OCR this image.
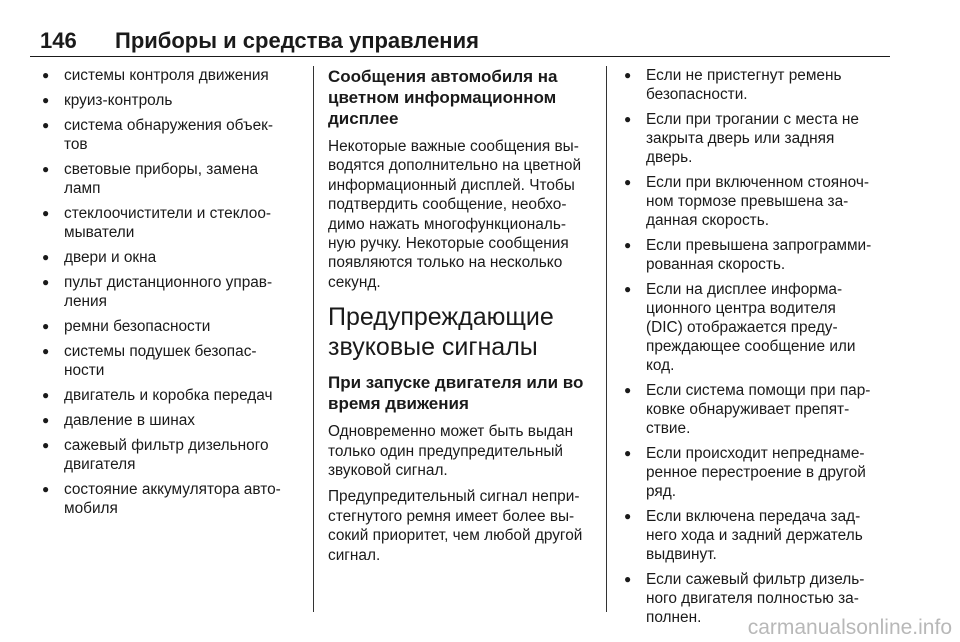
146 Приборы и средства управления
● системы контроля движения
● круиз-контроль
● система обнаружения объек-
тов
● световые приборы, замена
ламп
● стеклоочистители и стеклоо-
мыватели
● двери и окна
● пульт дистанционного управ-
ления
● ремни безопасности
● системы подушек безопас-
ности
● двигатель и коробка передач
● давление в шинах
● сажевый фильтр дизельного
двигателя
● состояние аккумулятора авто-
мобиля
Сообщения автомобиля на
цветном информационном
дисплее

Некоторые важные сообщения вы-
водятся дополнительно на цветной
информационный дисплей. Чтобы
подтвердить сообщение, необхо-
димо нажать многофункциональ-
ную ручку. Некоторые сообщения
появляются только на несколько
секунд.

Предупреждающие
звуковые сигналы
При запуске двигателя или во
время движения

Одновременно может быть выдан
только один предупредительный
звуковой сигнал.

Предупредительный сигнал непри-
стегнутого ремня имеет более вы-
сокий приоритет, чем любой другой
сигнал.

● Если не пристегнут ремень
безопасности.
● Если при трогании с места не
закрыта дверь или задняя
дверь.
● Если при включенном стояноч-
ном тормозе превышена за-
данная скорость.
● Если превышена запрограмми-
рованная скорость.
● Если на дисплее информа-
ционного центра водителя
(DIC) отображается преду-
преждающее сообщение или
код.
● Если система помощи при пар-
ковке обнаруживает препят-
ствие.
● Если происходит непреднаме-
ренное перестроение в другой
ряд.
● Если включена передача зад-
него хода и задний держатель
выдвинут.
● Если сажевый фильтр дизель-
ного двигателя полностью за-
полнен.	carmanualsonline.info
